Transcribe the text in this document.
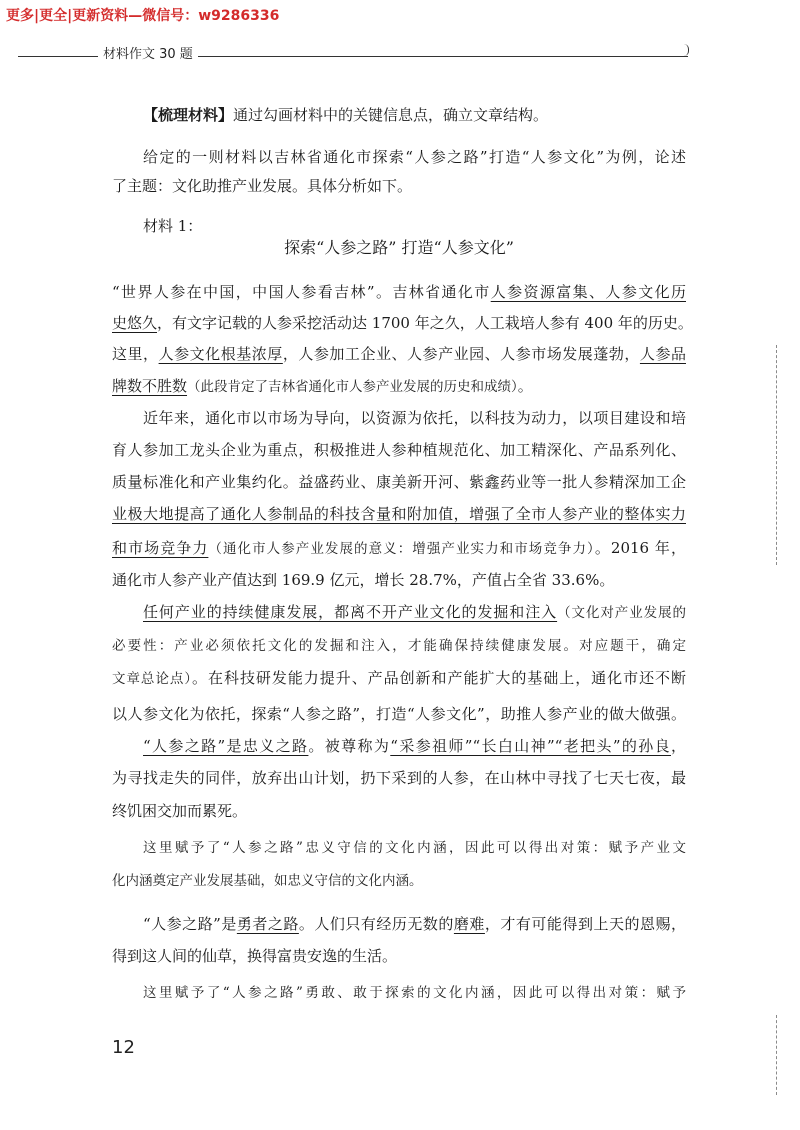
更多|更全|更新资料—微信号：w9286336
材料作文 30 题
【梳理材料】通过勾画材料中的关键信息点，确立文章结构。
给定的一则材料以吉林省通化市探索“人参之路”打造“人参文化”为例，论述
了主题：文化助推产业发展。具体分析如下。
材料 1：
探索“人参之路” 打造“人参文化”
“世界人参在中国，中国人参看吉林”。吉林省通化市人参资源富集、人参文化历
史悠久，有文字记载的人参采挖活动达 1700 年之久，人工栽培人参有 400 年的历史。
这里，人参文化根基浓厚，人参加工企业、人参产业园、人参市场发展蓬勃，人参品
牌数不胜数（此段肯定了吉林省通化市人参产业发展的历史和成绩）。
近年来，通化市以市场为导向，以资源为依托，以科技为动力，以项目建设和培
育人参加工龙头企业为重点，积极推进人参种植规范化、加工精深化、产品系列化、
质量标准化和产业集约化。益盛药业、康美新开河、紫鑫药业等一批人参精深加工企
业极大地提高了通化人参制品的科技含量和附加值，增强了全市人参产业的整体实力
和市场竞争力（通化市人参产业发展的意义：增强产业实力和市场竞争力）。2016 年，
通化市人参产业产值达到 169.9 亿元，增长 28.7%，产值占全省 33.6%。
任何产业的持续健康发展，都离不开产业文化的发掘和注入（文化对产业发展的
必要性：产业必须依托文化的发掘和注入，才能确保持续健康发展。对应题干，确定
文章总论点）。在科技研发能力提升、产品创新和产能扩大的基础上，通化市还不断
以人参文化为依托，探索“人参之路”，打造“人参文化”，助推人参产业的做大做强。
“人参之路”是忠义之路。被尊称为“采参祖师”“长白山神”“老把头”的孙良，
为寻找走失的同伴，放弃出山计划，扔下采到的人参，在山林中寻找了七天七夜，最
终饥困交加而累死。
这里赋予了“人参之路”忠义守信的文化内涵，因此可以得出对策：赋予产业文
化内涵奠定产业发展基础，如忠义守信的文化内涵。
“人参之路”是勇者之路。人们只有经历无数的磨难，才有可能得到上天的恩赐，
得到这人间的仙草，换得富贵安逸的生活。
这里赋予了“人参之路”勇敢、敢于探索的文化内涵，因此可以得出对策：赋予
12
